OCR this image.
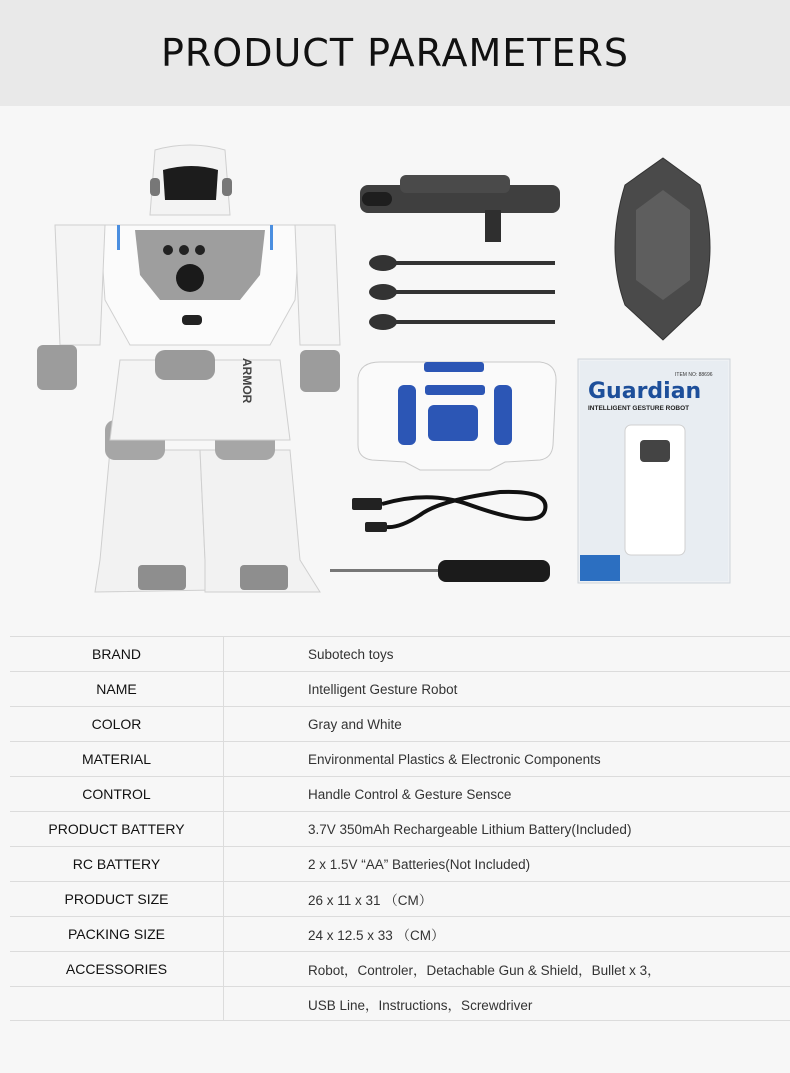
PRODUCT PARAMETERS
ARMOR	Guardian
INTELLIGENT GESTURE ROBOT
ITEM NO: 88696
BRAND	Subotech toys
NAME	Intelligent Gesture Robot
COLOR	Gray and White
MATERIAL	Environmental Plastics & Electronic Components
CONTROL	Handle Control & Gesture Sensce
PRODUCT BATTERY	3.7V 350mAh Rechargeable Lithium Battery(Included)
RC BATTERY	2 x 1.5V “AA” Batteries(Not Included)
PRODUCT SIZE	26 x 11 x 31 （CM）
PACKING SIZE	24 x 12.5 x 33 （CM）
ACCESSORIES	Robot，Controler，Detachable Gun & Shield，Bullet x 3，
USB Line，Instructions，Screwdriver
